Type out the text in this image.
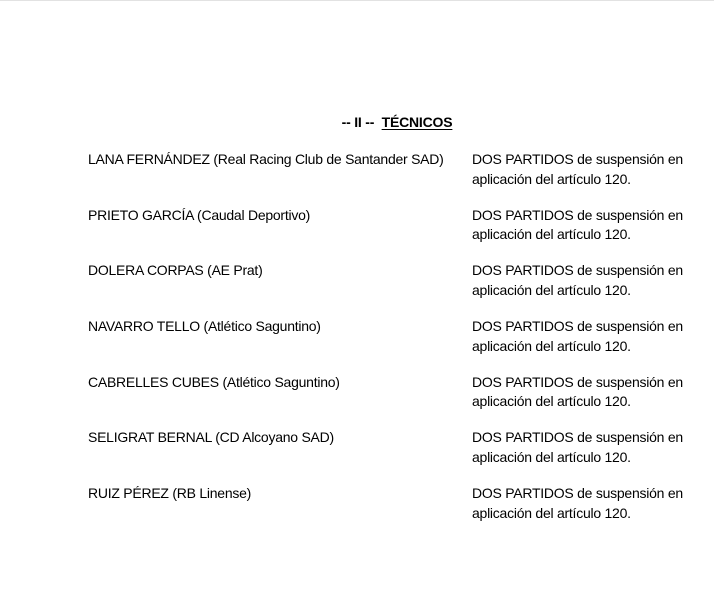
-- II -- TÉCNICOS
LANA FERNÁNDEZ (Real Racing Club de Santander SAD) DOS PARTIDOS de suspensión en
aplicación del artículo 120.
PRIETO GARCÍA (Caudal Deportivo)	DOS PARTIDOS de suspensión en
aplicación del artículo 120.
DOLERA CORPAS (AE Prat)	DOS PARTIDOS de suspensión en
aplicación del artículo 120.
NAVARRO TELLO (Atlético Saguntino)	DOS PARTIDOS de suspensión en
aplicación del artículo 120.
CABRELLES CUBES (Atlético Saguntino)	DOS PARTIDOS de suspensión en
aplicación del artículo 120.
SELIGRAT BERNAL (CD Alcoyano SAD)	DOS PARTIDOS de suspensión en
aplicación del artículo 120.
RUIZ PÉREZ (RB Linense)	DOS PARTIDOS de suspensión en
aplicación del artículo 120.
